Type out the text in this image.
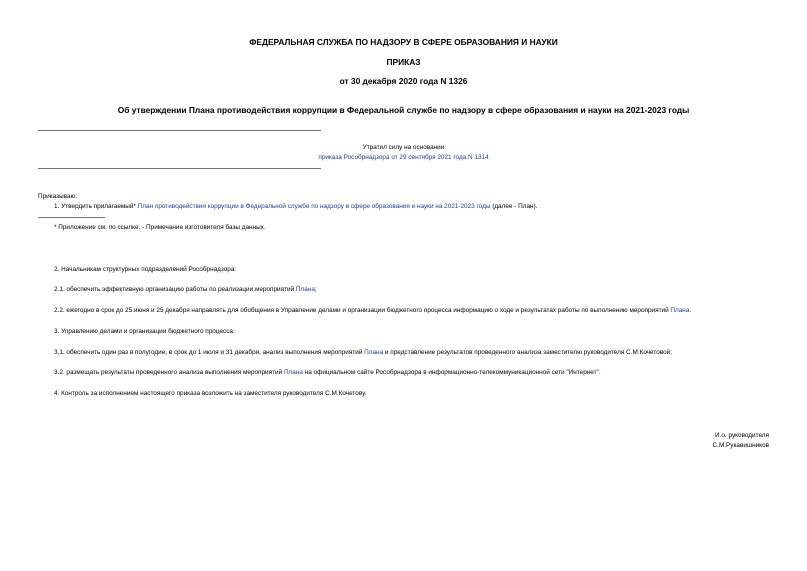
ФЕДЕРАЛЬНАЯ СЛУЖБА ПО НАДЗОРУ В СФЕРЕ ОБРАЗОВАНИЯ И НАУКИ
ПРИКАЗ
от 30 декабря 2020 года N 1326
Об утверждении Плана противодействия коррупции в Федеральной службе по надзору в сфере образования и науки на 2021-2023 годы
Утратил силу на основании
приказа Рособрнадзора от 29 сентября 2021 года N 1314
Приказываю:
1. Утвердить прилагаемый* План противодействия коррупции в Федеральной службе по надзору в сфере образования и науки на 2021-2023 годы (далее - План).
* Приложение см. по ссылке. - Примечание изготовителя базы данных.
2. Начальникам структурных подразделений Рособрнадзора:
2.1. обеспечить эффективную организацию работы по реализации мероприятий Плана;
2.2. ежегодно в срок до 25 июня и 25 декабря направлять для обобщения в Управление делами и организации бюджетного процесса информацию о ходе и результатах работы по выполнению мероприятий Плана.
3. Управлению делами и организации бюджетного процесса:
3.1. обеспечить один раз в полугодие, в срок до 1 июля и 31 декабря, анализ выполнения мероприятий Плана и представление результатов проведенного анализа заместителю руководителя С.М.Кочетовой;
3.2. размещать результаты проведенного анализа выполнения мероприятий Плана на официальном сайте Рособрнадзора в информационно-телекоммуникационной сети "Интернет".
4. Контроль за исполнением настоящего приказа возложить на заместителя руководителя С.М.Кочетову.
И.о. руководителя
С.М.Рукавишников
